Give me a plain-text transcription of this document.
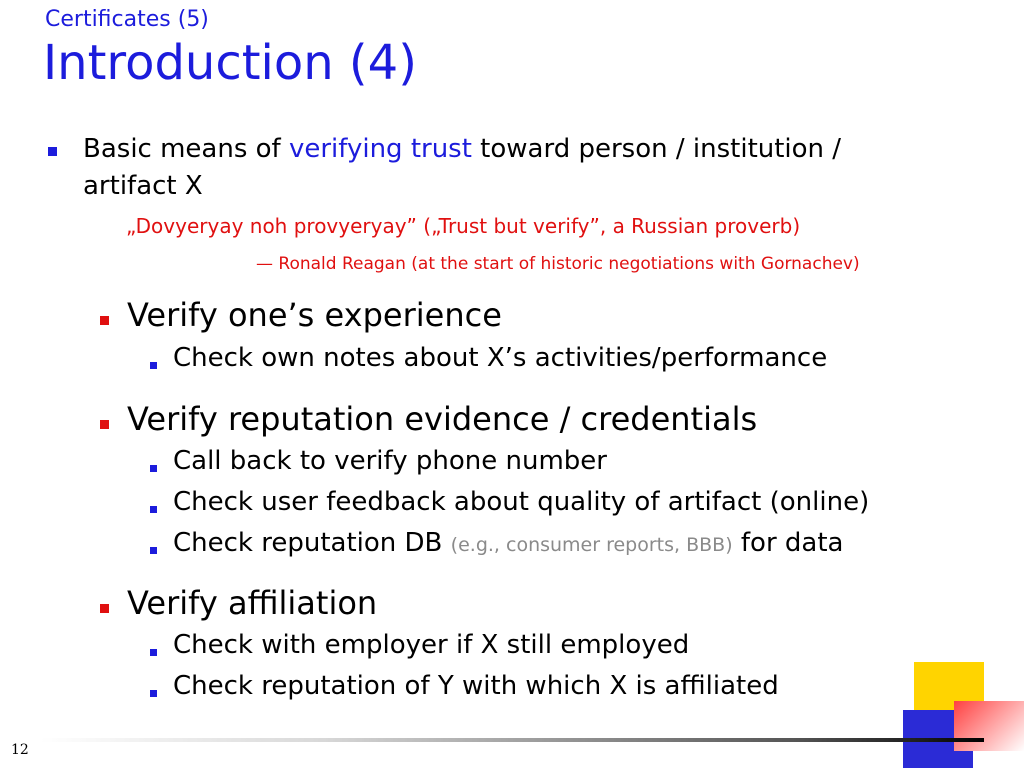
Certificates (5)
Introduction (4)
Basic means of verifying trust toward person / institution /
artifact X
„Dovyeryay noh provyeryay” („Trust but verify”, a Russian proverb)
— Ronald Reagan (at the start of historic negotiations with Gornachev)
Verify one’s experience
Check own notes about X’s activities/performance
Verify reputation evidence / credentials
Call back to verify phone number
Check user feedback about quality of artifact (online)
Check reputation DB (e.g., consumer reports, BBB) for data
Verify affiliation
Check with employer if X still employed
Check reputation of Y with which X is affiliated
12
